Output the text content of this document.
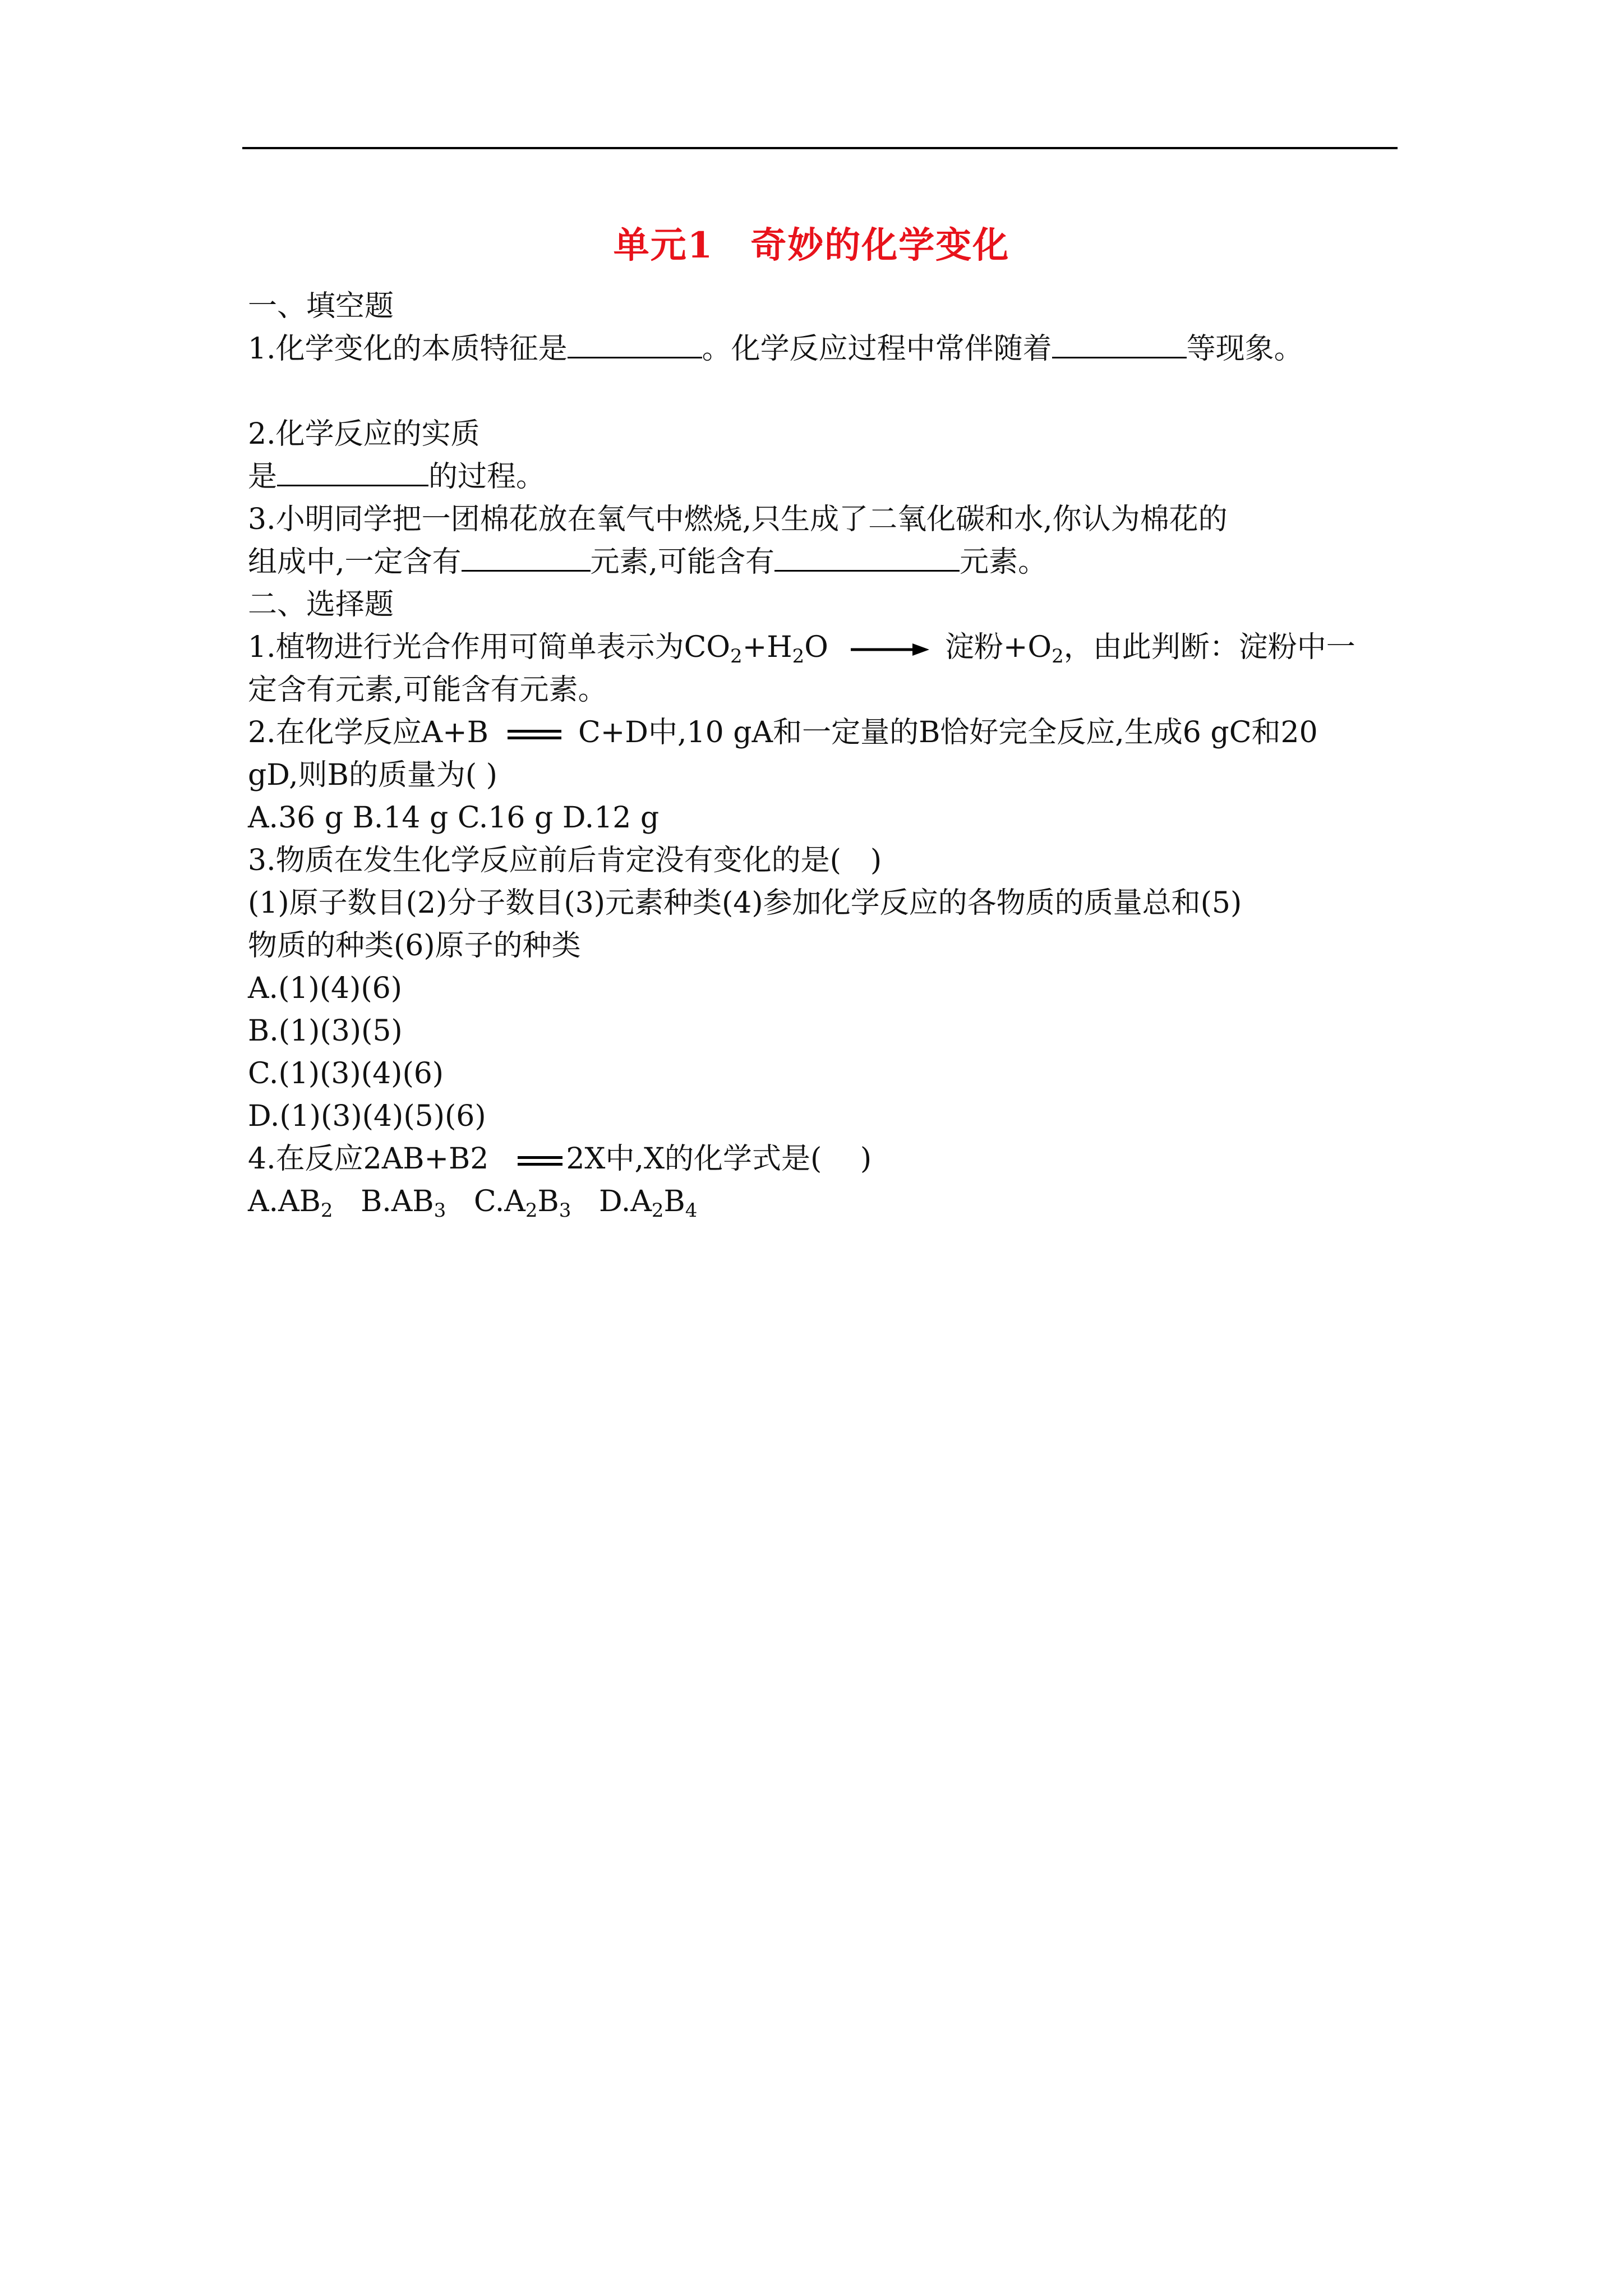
单元1　奇妙的化学变化
一、填空题
1.化学变化的本质特征是	。化学反应过程中常伴随着	等现象。
2.化学反应的实质
是	的过程。
3.小明同学把一团棉花放在氧气中燃烧,只生成了二氧化碳和水,你认为棉花的
组成中,一定含有	元素,可能含有	元素。
二、选择题
1.植物进行光合作用可简单表示为$CO_2+H_2O$ → 淀粉$+O_2$，由此判断：淀粉中一
定含有元素,可能含有元素。
2.在化学反应A+B	C+D中,10 gA和一定量的B恰好完全反应,生成6 gC和20
gD,则B的质量为( )
A.36 g B.14 g C.16 g D.12 g
3.物质在发生化学反应前后肯定没有变化的是(　)
(1)原子数目(2)分子数目(3)元素种类(4)参加化学反应的各物质的质量总和(5)
物质的种类(6)原子的种类
A.(1)(4)(6)
B.(1)(3)(5)
C.(1)(3)(4)(6)
D.(1)(3)(4)(5)(6)
4.在反应2AB+B2	2X中,X的化学式是(　 )
$A.AB_2$ $B.AB_3$ $C.A_2B_3$ $D.A_2B_4$
